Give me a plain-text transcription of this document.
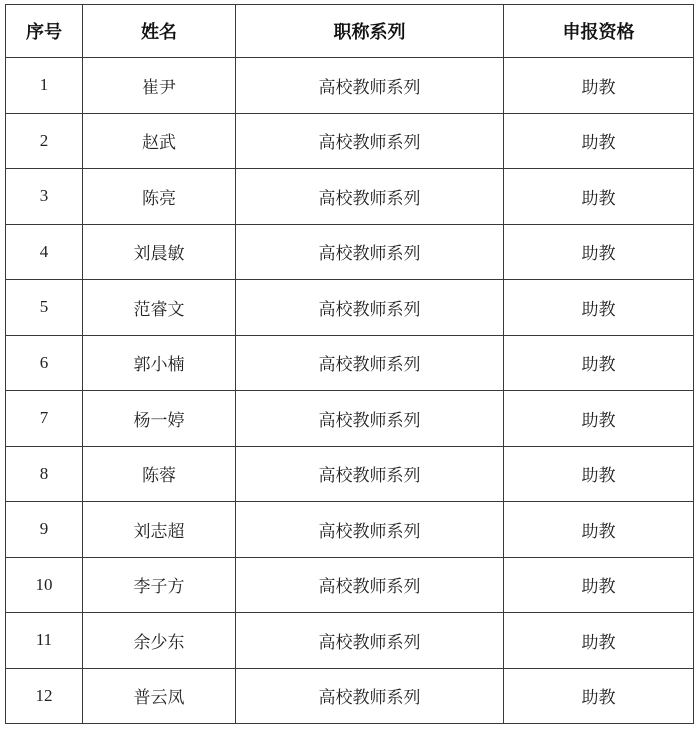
序号	姓名	职称系列	申报资格
1	崔尹	高校教师系列	助教
2	赵武	高校教师系列	助教
3	陈亮	高校教师系列	助教
4	刘晨敏	高校教师系列	助教
5	范睿文	高校教师系列	助教
6	郭小楠	高校教师系列	助教
7	杨一婷	高校教师系列	助教
8	陈蓉	高校教师系列	助教
9	刘志超	高校教师系列	助教
10	李子方	高校教师系列	助教
11	余少东	高校教师系列	助教
12	普云凤	高校教师系列	助教
